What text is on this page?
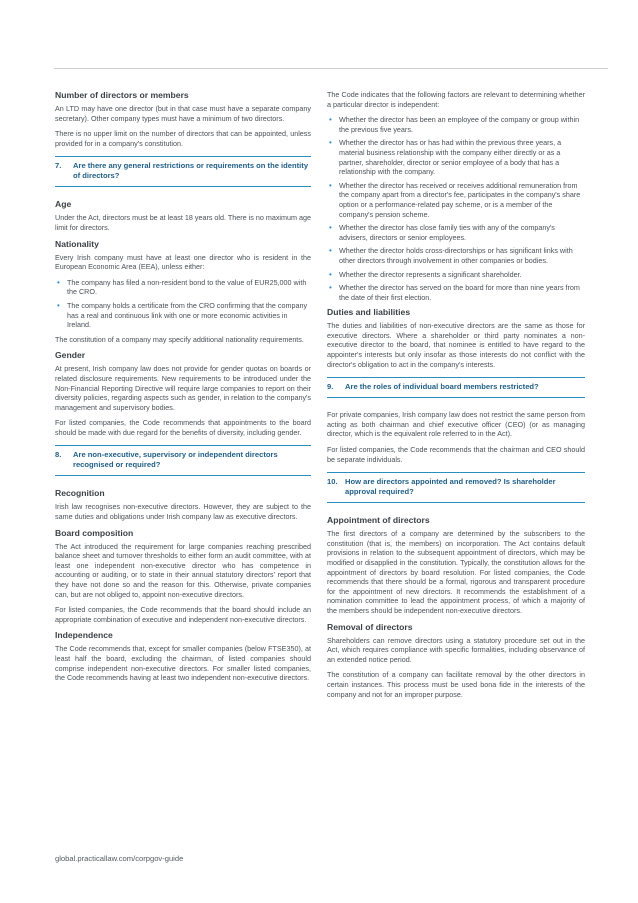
Number of directors or members

An LTD may have one director (but in that case must have a separate company secretary). Other company types must have a minimum of two directors.

There is no upper limit on the number of directors that can be appointed, unless provided for in a company's constitution.

7.	Are there any general restrictions or requirements on the identity of directors?
Age

Under the Act, directors must be at least 18 years old. There is no maximum age limit for directors.

Nationality

Every Irish company must have at least one director who is resident in the European Economic Area (EEA), unless either:

• The company has filed a non-resident bond to the value of EUR25,000 with the CRO.
• The company holds a certificate from the CRO confirming that the company has a real and continuous link with one or more economic activities in Ireland.

The constitution of a company may specify additional nationality requirements.

Gender

At present, Irish company law does not provide for gender quotas on boards or related disclosure requirements. New requirements to be introduced under the Non-Financial Reporting Directive will require large companies to report on their diversity policies, regarding aspects such as gender, in relation to the company's management and supervisory bodies.

For listed companies, the Code recommends that appointments to the board should be made with due regard for the benefits of diversity, including gender.

8.	Are non-executive, supervisory or independent directors recognised or required?
Recognition

Irish law recognises non-executive directors. However, they are subject to the same duties and obligations under Irish company law as executive directors.

Board composition

The Act introduced the requirement for large companies reaching prescribed balance sheet and turnover thresholds to either form an audit committee, with at least one independent non-executive director who has competence in accounting or auditing, or to state in their annual statutory directors' report that they have not done so and the reason for this. Otherwise, private companies can, but are not obliged to, appoint non-executive directors.

For listed companies, the Code recommends that the board should include an appropriate combination of executive and independent non-executive directors.

Independence

The Code recommends that, except for smaller companies (below FTSE350), at least half the board, excluding the chairman, of listed companies should comprise independent non-executive directors. For smaller listed companies, the Code recommends having at least two independent non-executive directors.

The Code indicates that the following factors are relevant to determining whether a particular director is independent:

• Whether the director has been an employee of the company or group within the previous five years.
• Whether the director has or has had within the previous three years, a material business relationship with the company either directly or as a partner, shareholder, director or senior employee of a body that has a relationship with the company.
• Whether the director has received or receives additional remuneration from the company apart from a director's fee, participates in the company's share option or a performance-related pay scheme, or is a member of the company's pension scheme.
• Whether the director has close family ties with any of the company's advisers, directors or senior employees.
• Whether the director holds cross-directorships or has significant links with other directors through involvement in other companies or bodies.
• Whether the director represents a significant shareholder.
• Whether the director has served on the board for more than nine years from the date of their first election.
Duties and liabilities

The duties and liabilities of non-executive directors are the same as those for executive directors. Where a shareholder or third party nominates a non-executive director to the board, that nominee is entitled to have regard to the appointer's interests but only insofar as those interests do not conflict with the director's obligation to act in the company's interests.

9.	Are the roles of individual board members restricted?

For private companies, Irish company law does not restrict the same person from acting as both chairman and chief executive officer (CEO) (or as managing director, which is the equivalent role referred to in the Act).

For listed companies, the Code recommends that the chairman and CEO should be separate individuals.

10. How are directors appointed and removed? Is shareholder approval required?
Appointment of directors

The first directors of a company are determined by the subscribers to the constitution (that is, the members) on incorporation. The Act contains default provisions in relation to the subsequent appointment of directors, which may be modified or disapplied in the constitution. Typically, the constitution allows for the appointment of directors by board resolution. For listed companies, the Code recommends that there should be a formal, rigorous and transparent procedure for the appointment of new directors. It recommends the establishment of a nomination committee to lead the appointment process, of which a majority of the members should be independent non-executive directors.

Removal of directors

Shareholders can remove directors using a statutory procedure set out in the Act, which requires compliance with specific formalities, including observance of an extended notice period.

The constitution of a company can facilitate removal by the other directors in certain instances. This process must be used bona fide in the interests of the company and not for an improper purpose.

global.practicallaw.com/corpgov-guide
